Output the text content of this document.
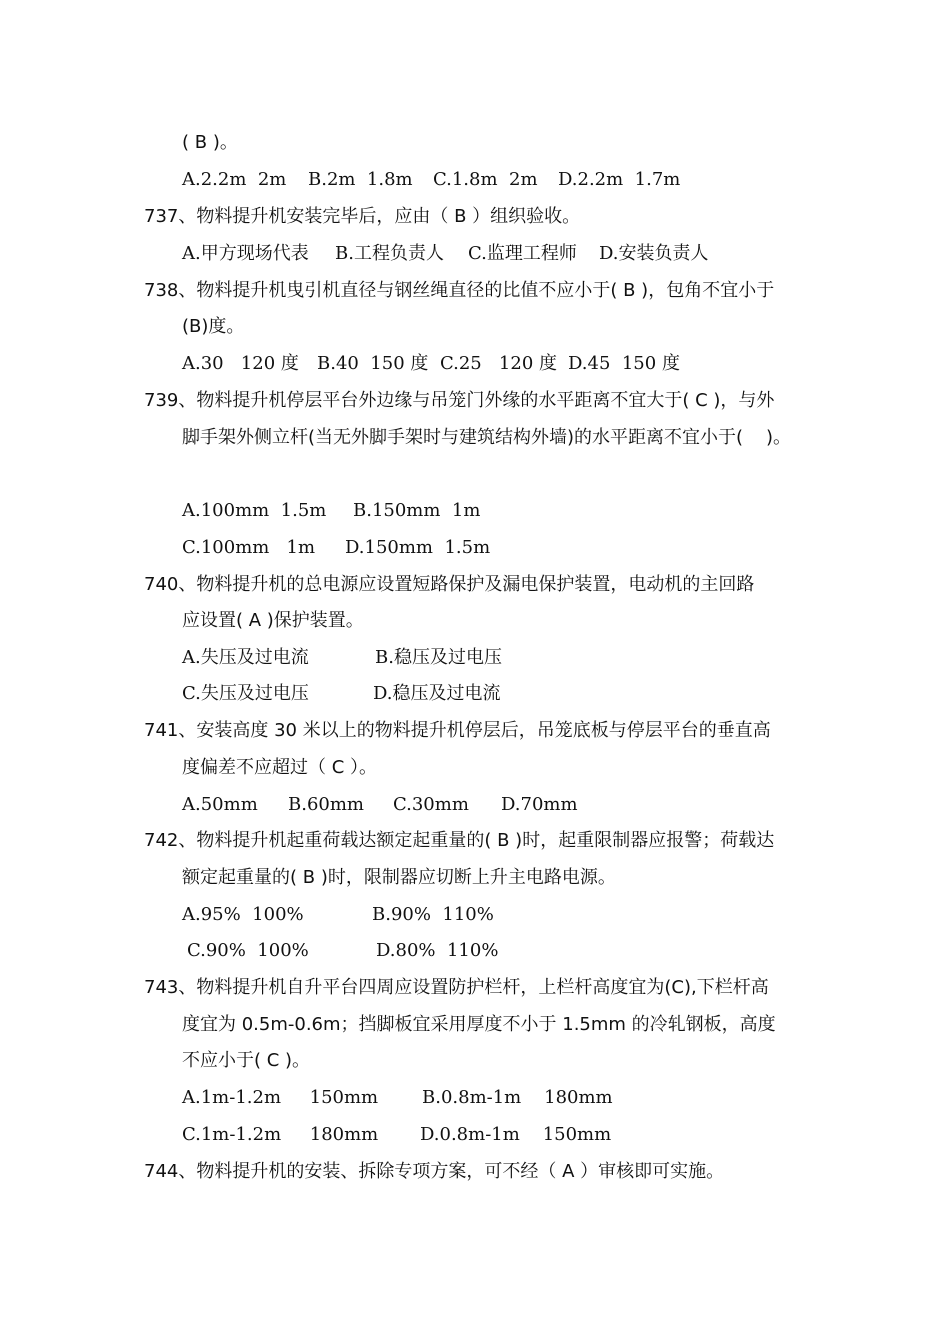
( B )。

A.2.2m  2m

B.2m  1.8m

C.1.8m  2m

D.2.2m  1.7m

737、物料提升机安装完毕后，应由（ B ）组织验收。

A.甲方现场代表

B.工程负责人

C.监理工程师

D.安装负责人

738、物料提升机曳引机直径与钢丝绳直径的比值不应小于( B )，包角不宜小于
(B)度。

A.30   120 度

B.40  150 度

C.25   120 度

D.45  150 度

739、物料提升机停层平台外边缘与吊笼门外缘的水平距离不宜大于( C )，与外
脚手架外侧立杆(当无外脚手架时与建筑结构外墙)的水平距离不宜小于(    )。

A.100mm  1.5m

B.150mm  1m

C.100mm   1m

D.150mm  1.5m

740、物料提升机的总电源应设置短路保护及漏电保护装置，电动机的主回路
应设置( A )保护装置。

A.失压及过电流

	B.稳压及过电压

C.失压及过电压

	D.稳压及过电流

741、安装高度 30 米以上的物料提升机停层后，吊笼底板与停层平台的垂直高
度偏差不应超过（ C ）。

A.50mm

B.60mm

C.30mm

D.70mm

742、物料提升机起重荷载达额定起重量的( B )时，起重限制器应报警；荷载达
额定起重量的( B )时，限制器应切断上升主电路电源。

A.95%  100%

	B.90%  110%

C.90%  100%

	D.80%  110%

743、物料提升机自升平台四周应设置防护栏杆，上栏杆高度宜为(C),下栏杆高
度宜为 0.5m-0.6m；挡脚板宜采用厚度不小于 1.5mm 的冷轧钢板，高度
不应小于( C )。

A.1m-1.2m     150mm

B.0.8m-1m    180mm

C.1m-1.2m     180mm

D.0.8m-1m    150mm

744、物料提升机的安装、拆除专项方案，可不经（ A ）审核即可实施。
